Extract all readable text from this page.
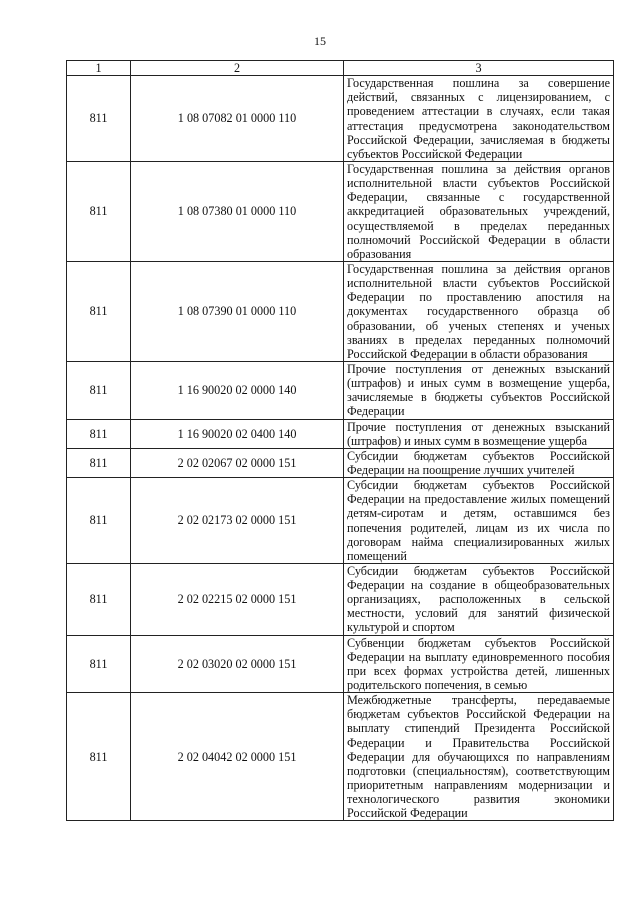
15
1	2	3
811	1 08 07082 01 0000 110	Государственная пошлина за совершение действий, связанных с лицензированием, с проведением аттестации в случаях, если такая аттестация предусмотрена законодательством Российской Федерации, зачисляемая в бюджеты субъектов Российской Федерации
811	1 08 07380 01 0000 110	Государственная пошлина за действия органов исполнительной власти субъектов Российской Федерации, связанные с государственной аккредитацией образовательных учреждений, осуществляемой в пределах переданных полномочий Российской Федерации в области образования
811	1 08 07390 01 0000 110	Государственная пошлина за действия органов исполнительной власти субъектов Российской Федерации по проставлению апостиля на документах государственного образца об образовании, об ученых степенях и ученых званиях в пределах переданных полномочий Российской Федерации в области образования
811	1 16 90020 02 0000 140	Прочие поступления от денежных взысканий (штрафов) и иных сумм в возмещение ущерба, зачисляемые в бюджеты субъектов Российской Федерации
811	1 16 90020 02 0400 140	Прочие поступления от денежных взысканий (штрафов) и иных сумм в возмещение ущерба
811	2 02 02067 02 0000 151	Субсидии бюджетам субъектов Российской Федерации на поощрение лучших учителей
811	2 02 02173 02 0000 151	Субсидии бюджетам субъектов Российской Федерации на предоставление жилых помещений детям-сиротам и детям, оставшимся без попечения родителей, лицам из их числа по договорам найма специализированных жилых помещений
811	2 02 02215 02 0000 151	Субсидии бюджетам субъектов Российской Федерации на создание в общеобразовательных организациях, расположенных в сельской местности, условий для занятий физической культурой и спортом
811	2 02 03020 02 0000 151	Субвенции бюджетам субъектов Российской Федерации на выплату единовременного пособия при всех формах устройства детей, лишенных родительского попечения, в семью
811	2 02 04042 02 0000 151	Межбюджетные трансферты, передаваемые бюджетам субъектов Российской Федерации на выплату стипендий Президента Российской Федерации и Правительства Российской Федерации для обучающихся по направлениям подготовки (специальностям), соответствующим приоритетным направлениям модернизации и технологического развития экономики Российской Федерации
